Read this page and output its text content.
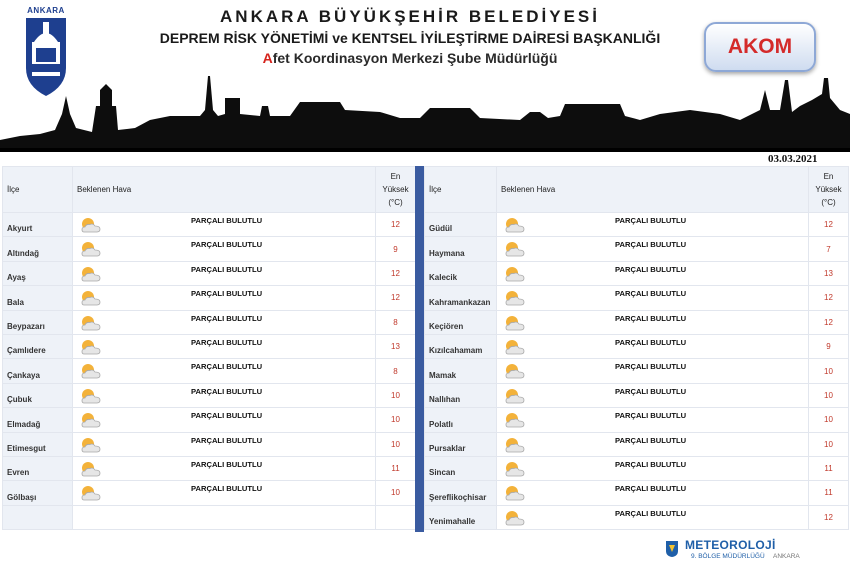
ANKARA	ANKARA BÜYÜKŞEHİR BELEDİYESİ
DEPREM RİSK YÖNETİMİ ve KENTSEL İYİLEŞTİRME DAİRESİ BAŞKANLIĞI
Afet Koordinasyon Merkezi Şube Müdürlüğü	AKOM
03.03.2021
İlçe	Beklenen Hava	En
Yüksek
(°C)

Akyurt	PARÇALI BULUTLU	12
Altındağ	PARÇALI BULUTLU	9
Ayaş	PARÇALI BULUTLU	12
Bala	PARÇALI BULUTLU	12
Beypazarı	PARÇALI BULUTLU	8
Çamlıdere	PARÇALI BULUTLU	13
Çankaya	PARÇALI BULUTLU	8
Çubuk	PARÇALI BULUTLU	10
Elmadağ	PARÇALI BULUTLU	10
Etimesgut	PARÇALI BULUTLU	10
Evren	PARÇALI BULUTLU	11
Gölbaşı	PARÇALI BULUTLU	10

İlçe	Beklenen Hava	En
Yüksek
(°C)

Güdül	PARÇALI BULUTLU	12
Haymana	PARÇALI BULUTLU	7
Kalecik	PARÇALI BULUTLU	13
Kahramankazan	PARÇALI BULUTLU	12
Keçiören	PARÇALI BULUTLU	12
Kızılcahamam	PARÇALI BULUTLU	9
Mamak	PARÇALI BULUTLU	10
Nallıhan	PARÇALI BULUTLU	10
Polatlı	PARÇALI BULUTLU	10
Pursaklar	PARÇALI BULUTLU	10
Sincan	PARÇALI BULUTLU	11
Şereflikoçhisar	PARÇALI BULUTLU	11
Yenimahalle	PARÇALI BULUTLU	12
METEOROLOJİ
9. BÖLGE MÜDÜRLÜĞÜ ANKARA
